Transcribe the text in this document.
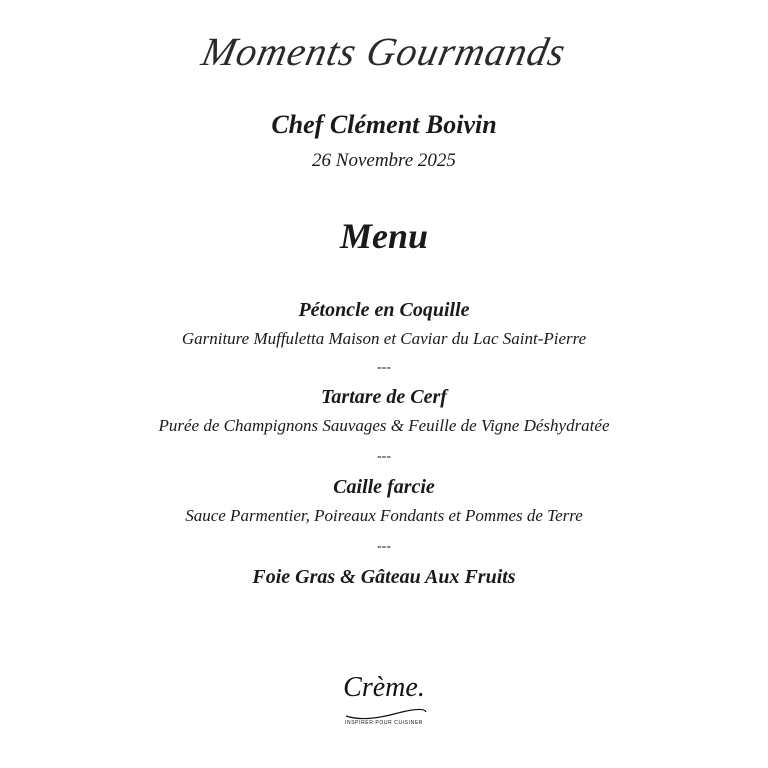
Moments Gourmands
Chef Clément Boivin
26 Novembre 2025
Menu
Pétoncle en Coquille
Garniture Muffuletta Maison et Caviar du Lac Saint-Pierre
---
Tartare de Cerf
Purée de Champignons Sauvages & Feuille de Vigne Déshydratée
---
Caille farcie
Sauce Parmentier, Poireaux Fondants et Pommes de Terre
---
Foie Gras & Gâteau Aux Fruits
Crème.
INSPIRER POUR CUISINER
